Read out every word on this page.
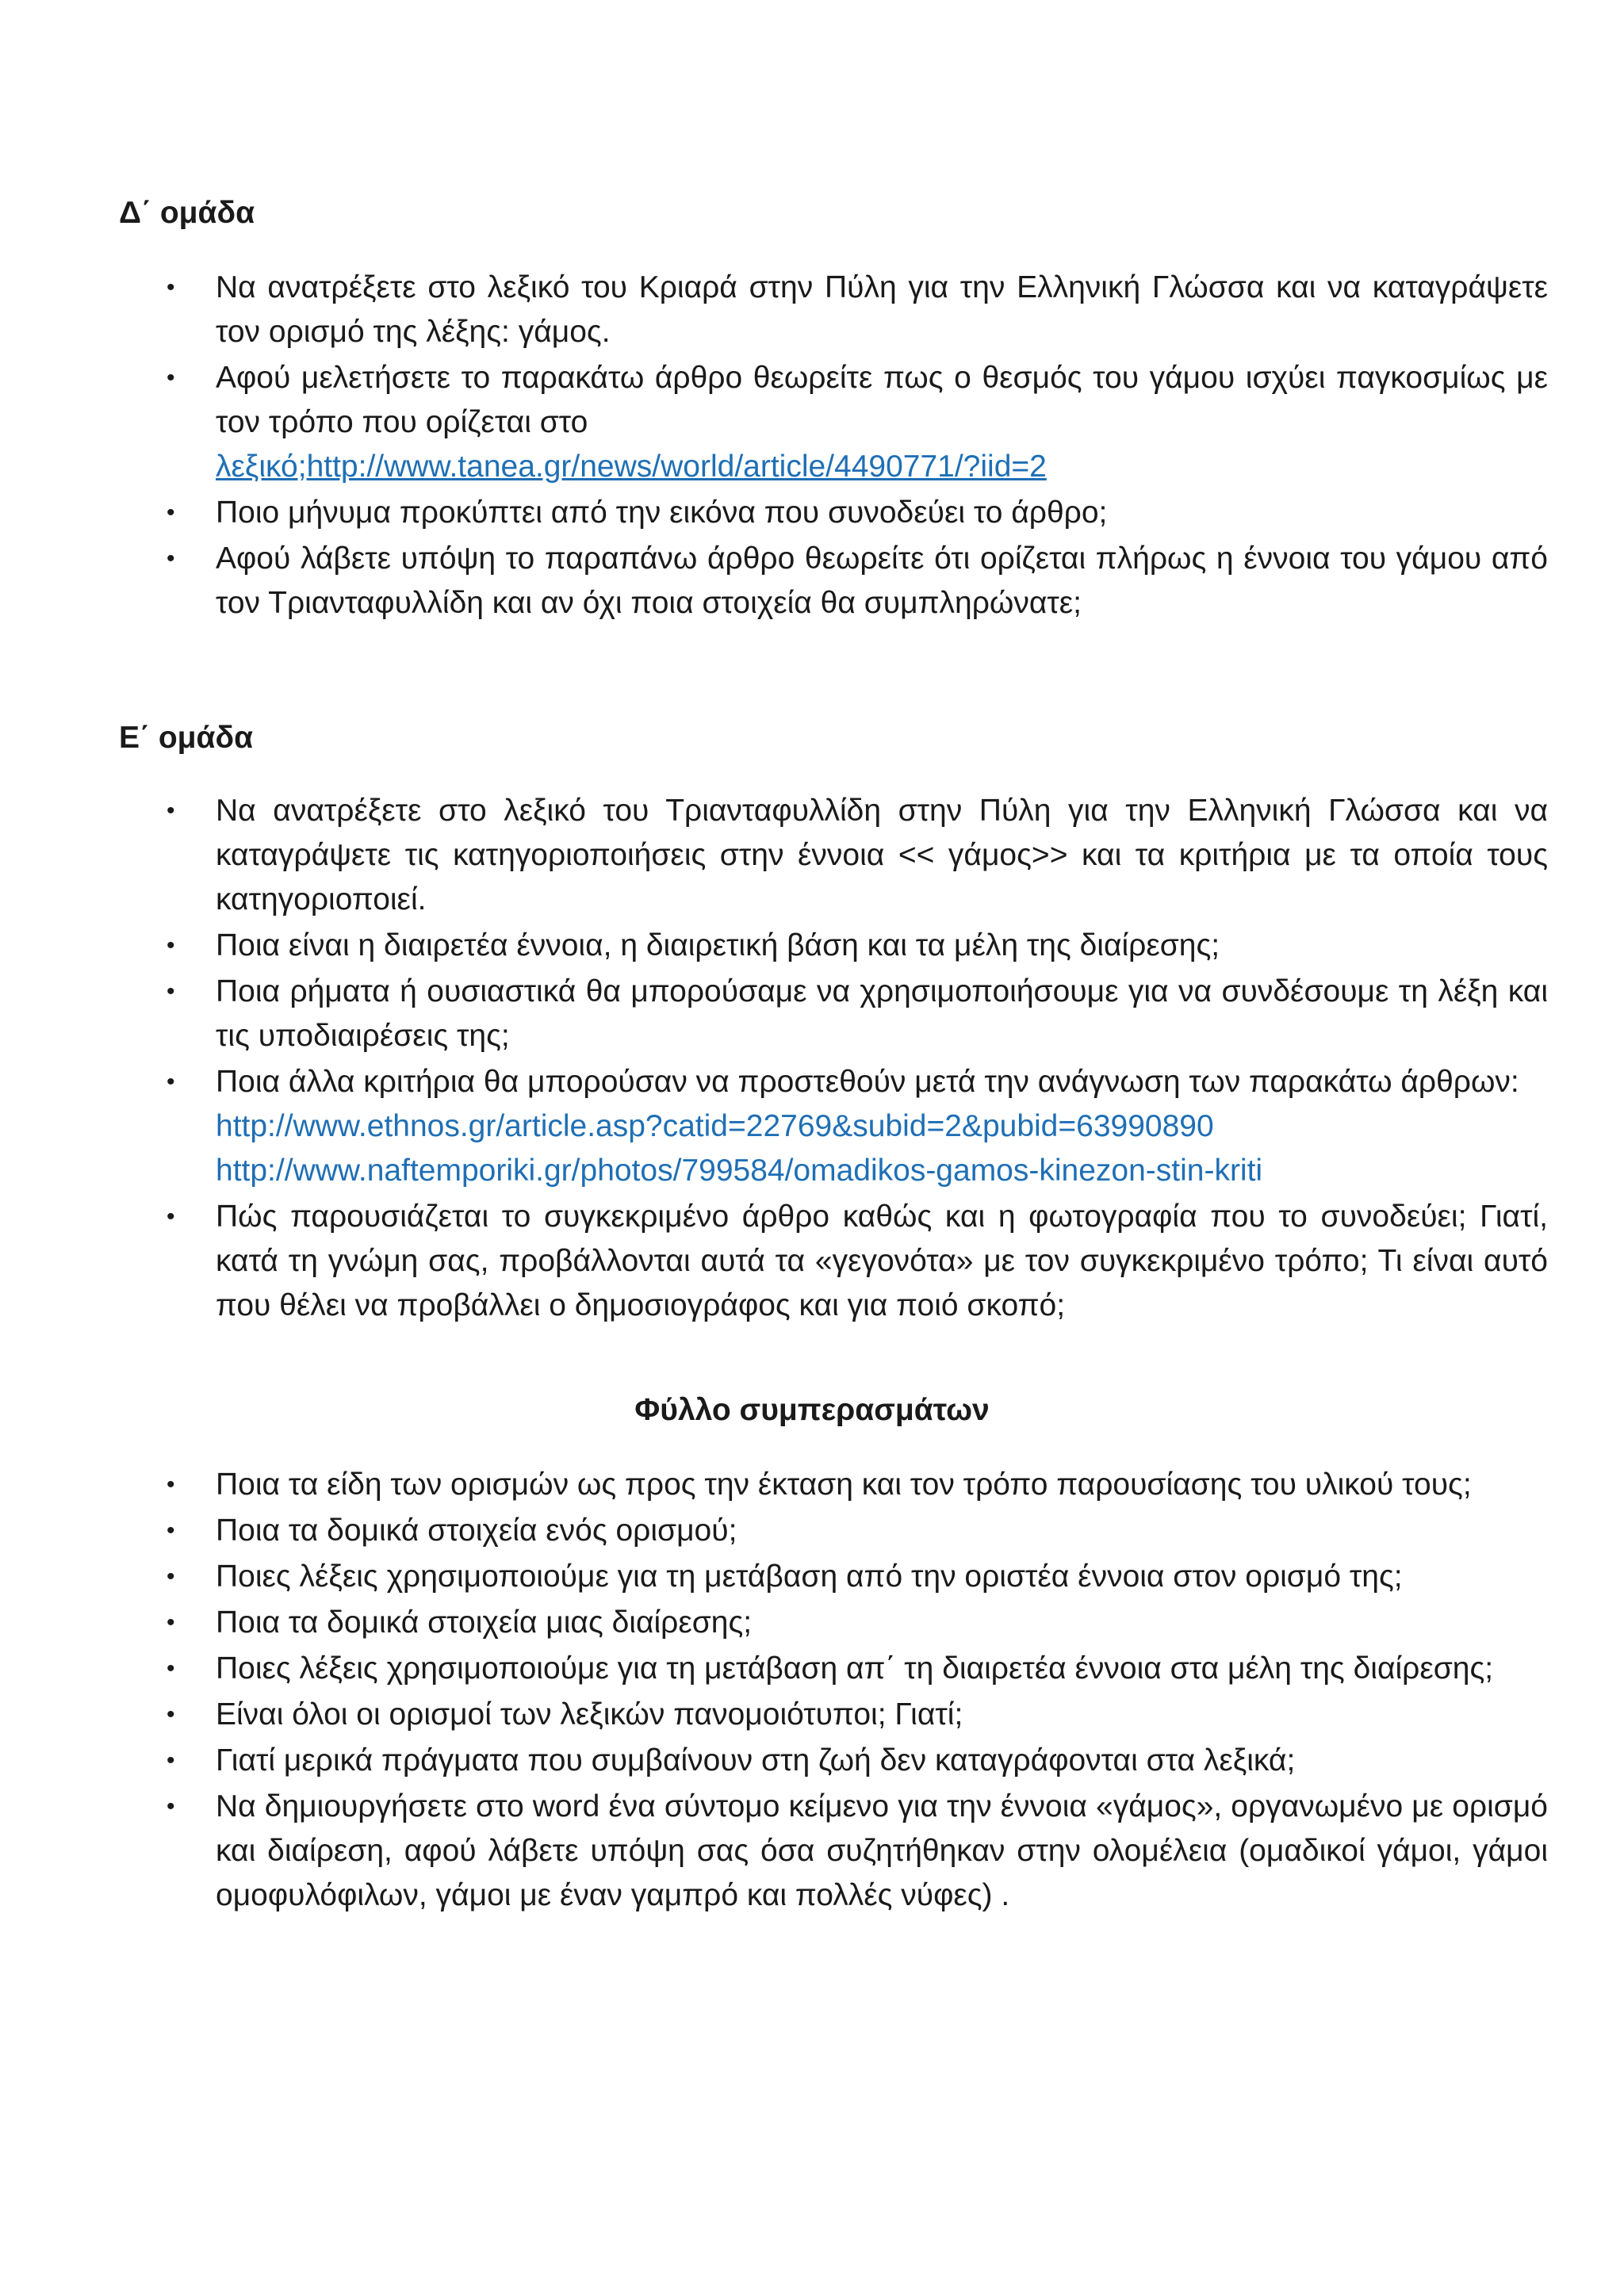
Δ΄ ομάδα
• Να ανατρέξετε στο λεξικό του Κριαρά στην Πύλη για την Ελληνική Γλώσσα και να καταγράψετε τον ορισμό της λέξης: γάμος.
• Αφού μελετήσετε το παρακάτω άρθρο θεωρείτε πως ο θεσμός του γάμου ισχύει παγκοσμίως με τον τρόπο που ορίζεται στο
λεξικό;http://www.tanea.gr/news/world/article/4490771/?iid=2
• Ποιο μήνυμα προκύπτει από την εικόνα που συνοδεύει το άρθρο;
• Αφού λάβετε υπόψη το παραπάνω άρθρο θεωρείτε ότι ορίζεται πλήρως η έννοια του γάμου από τον Τριανταφυλλίδη και αν όχι ποια στοιχεία θα συμπληρώνατε;
Ε΄ ομάδα
• Να ανατρέξετε στο λεξικό του Τριανταφυλλίδη στην Πύλη για την Ελληνική Γλώσσα και να καταγράψετε τις κατηγοριοποιήσεις στην έννοια << γάμος>> και τα κριτήρια με τα οποία τους κατηγοριοποιεί.
• Ποια είναι η διαιρετέα έννοια, η διαιρετική βάση και τα μέλη της διαίρεσης;
• Ποια ρήματα ή ουσιαστικά θα μπορούσαμε να χρησιμοποιήσουμε για να συνδέσουμε τη λέξη και τις υποδιαιρέσεις της;
• Ποια άλλα κριτήρια θα μπορούσαν να προστεθούν μετά την ανάγνωση των παρακάτω άρθρων:
http://www.ethnos.gr/article.asp?catid=22769&subid=2&pubid=63990890
http://www.naftemporiki.gr/photos/799584/omadikos-gamos-kinezon-stin-kriti
• Πώς παρουσιάζεται το συγκεκριμένο άρθρο καθώς και η φωτογραφία που το συνοδεύει; Γιατί, κατά τη γνώμη σας, προβάλλονται αυτά τα «γεγονότα» με τον συγκεκριμένο τρόπο; Τι είναι αυτό που θέλει να προβάλλει ο δημοσιογράφος και για ποιό σκοπό;
Φύλλο συμπερασμάτων
• Ποια τα είδη των ορισμών ως προς την έκταση και τον τρόπο παρουσίασης του υλικού τους;
• Ποια τα δομικά στοιχεία ενός ορισμού;
• Ποιες λέξεις χρησιμοποιούμε για τη μετάβαση από την οριστέα έννοια στον ορισμό της;
• Ποια τα δομικά στοιχεία μιας διαίρεσης;
• Ποιες λέξεις χρησιμοποιούμε για τη μετάβαση απ΄ τη διαιρετέα έννοια στα μέλη της διαίρεσης;
• Είναι όλοι οι ορισμοί των λεξικών πανομοιότυποι; Γιατί;
• Γιατί μερικά πράγματα που συμβαίνουν στη ζωή δεν καταγράφονται στα λεξικά;
• Να δημιουργήσετε στο word ένα σύντομο κείμενο για την έννοια «γάμος», οργανωμένο με ορισμό και διαίρεση, αφού λάβετε υπόψη σας όσα συζητήθηκαν στην ολομέλεια (ομαδικοί γάμοι, γάμοι ομοφυλόφιλων, γάμοι με έναν γαμπρό και πολλές νύφες) .
